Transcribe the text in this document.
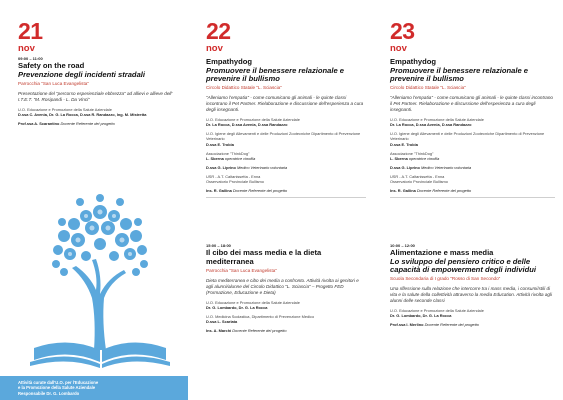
21
nov
09:00 – 11:00
Safety on the road
Prevenzione degli incidenti stradali
Parrocchia "San Luca Evangelista"
Presentazione del "percorso esperienziale ebbrezza" ad allievi e allieve dell' I.T.E.T. "M. Rosipandi - L. Da Vinci"
U.O. Educazione e Promozione della Salute Aziendale
D.ssa C. Avenia, Dr. G. La Rocca, D.ssa R. Randazzo, Ing. M. Mistretta
Prof.ssa A. Scarantino Docente Referente del progetto
Attività curate dall'U.O. per l'Educazione
e la Promozione della Salute Aziendale
Responsabile Dr. G. Lombardo
22
nov
Empathydog
Promuovere il benessere relazionale e prevenire il bullismo
Circolo Didattico Statale "L. Sciascia"
"Alleniamo l'empatia" - come comunicano gli animali - le quinte classi incontrano il Pet Partner. Rielaborazione e discussione dell'esperienza a cura degli insegnanti.
U.O. Educazione e Promozione della Salute Aziendale
Dr. La Rocca, D.ssa Avenia, D.ssa Randazzo
U.O. Igiene degli Allevamenti e delle Produzioni Zootecniche Dipartimento di Prevenzione Veterinario
D.ssa E. Trobia
Associazione "ThinkDog"
L. Sberna operatrice cinofila
D.ssa G. Liprino Medico Veterinario volontaria
USR - A.T. Caltanissetta - Enna
Osservatorio Provinciale Bullismo
Ins. R. Gallina Docente Referente del progetto
15:00 – 18:00
Il cibo dei mass media e la dieta mediterranea
Parrocchia "San Luca Evangelista"
Dieta mediterranea e cibo dei media a confronto. Attività rivolta ai genitori e agli alunni/alunne del Circolo Didattico "L. Sciascia" – Progetto FED (Formazione, Educazione e Dieta)
U.O. Educazione e Promozione della Salute Aziendale
Dr. G. Lombardo, Dr. G. La Rocca
U.O. Medicina Scolastica, Dipartimento di Prevenzione Medico
D.ssa L. Scarlata
Ins. A. Marchì Docente Referente del progetto
23
nov
Empathydog
Promuovere il benessere relazionale e prevenire il bullismo
Circolo Didattico Statale "L. Sciascia"
"Alleniamo l'empatia" - come comunicano gli animali - le quinte classi incontrano il Pet Partner. Rielaborazione e discussione dell'esperienza a cura degli insegnanti.
U.O. Educazione e Promozione della Salute Aziendale
Dr. La Rocca, D.ssa Avenia, D.ssa Randazzo
U.O. Igiene degli Allevamenti e delle Produzioni Zootecniche Dipartimento di Prevenzione Veterinario
D.ssa E. Trobia
Associazione "ThinkDog"
L. Sberna operatrice cinofila
D.ssa G. Liprino Medico Veterinario volontaria
USR - A.T. Caltanissetta - Enna
Osservatorio Provinciale Bullismo
Ins. R. Gallina Docente Referente del progetto
10:00 – 12:00
Alimentazione e mass media
Lo sviluppo del pensiero critico e delle capacità di empowerment degli individui
Scuola Secondaria di I grado "Rosso di San Secondo"
Una riflessione sulla relazione che intercorre tra i mass media, i consumi/stili di vita e la salute della collettività attraverso la media Education. Attività rivolta agli alunni delle seconde classi
U.O. Educazione e Promozione della Salute Aziendale
Dr. G. Lombardo, Dr. G. La Rocca
Prof.ssa I. Merlino Docente Referente del progetto
